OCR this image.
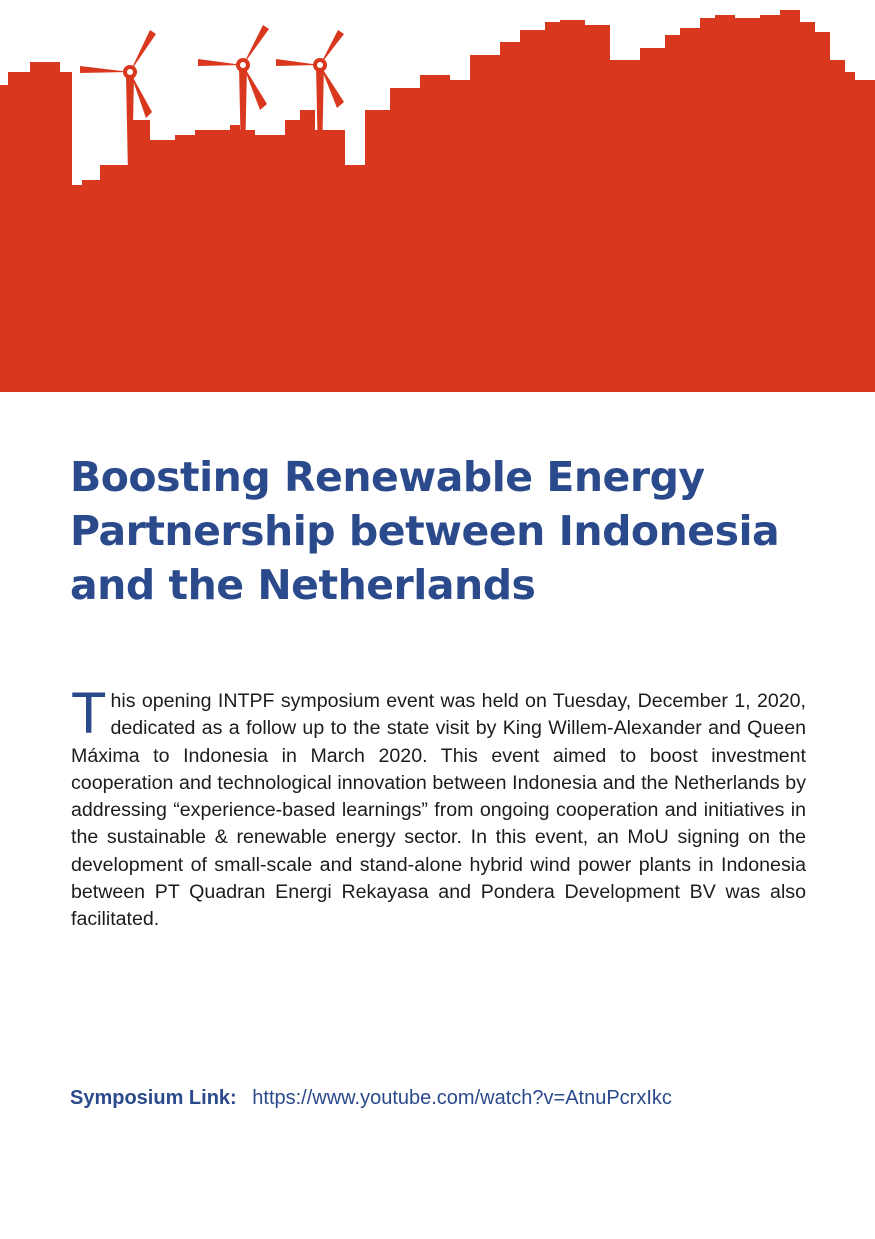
Boosting Renewable Energy
Partnership between Indonesia
and the Netherlands

This opening INTPF symposium event was held on Tuesday, December 1, 2020, dedicated as a follow up to the state visit by King Willem-Alexander and Queen Máxima to Indonesia in March 2020. This event aimed to boost investment cooperation and technological innovation between Indonesia and the Netherlands by addressing “experience-based learnings” from ongoing cooperation and initiatives in the sustainable & renewable energy sector. In this event, an MoU signing on the development of small-scale and stand-alone hybrid wind power plants in Indonesia between PT Quadran Energi Rekayasa and Pondera Development BV was also facilitated.

Symposium Link: https://www.youtube.com/watch?v=AtnuPcrxIkc
